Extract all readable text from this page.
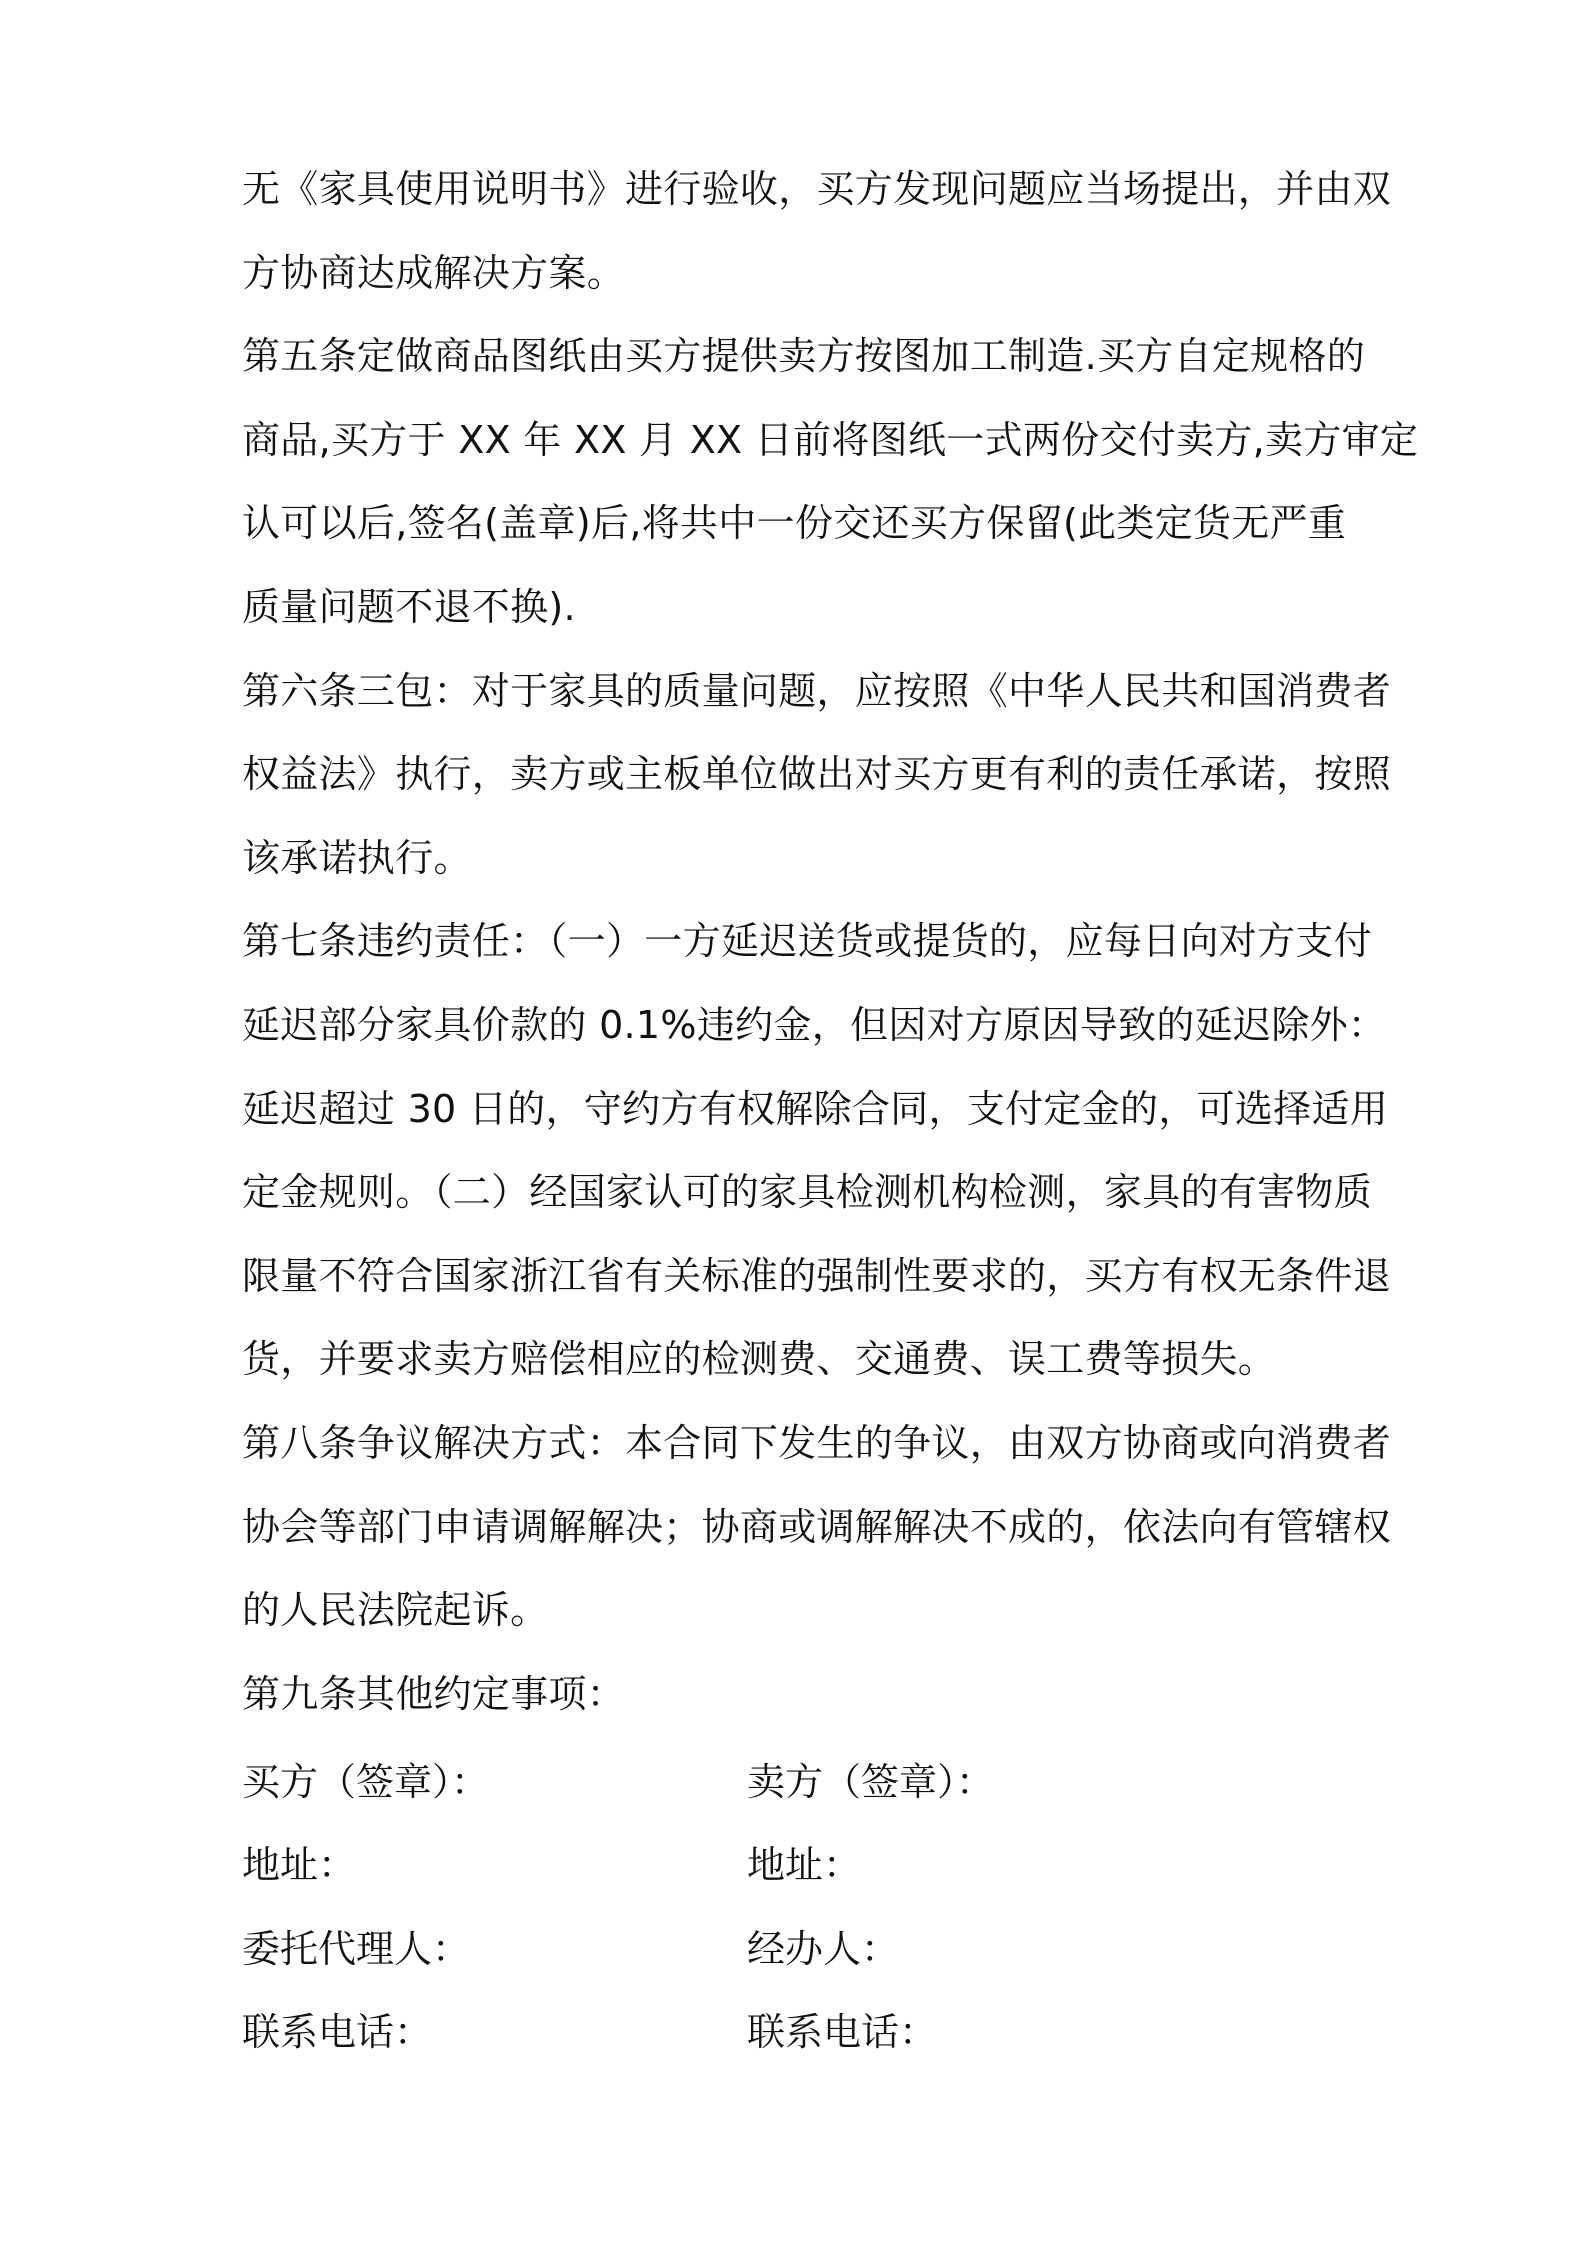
无《家具使用说明书》进行验收，买方发现问题应当场提出，并由双

方协商达成解决方案。

第五条定做商品图纸由买方提供卖方按图加工制造.买方自定规格的

商品,买方于 XX 年 XX 月 XX 日前将图纸一式两份交付卖方,卖方审定

认可以后,签名(盖章)后,将共中一份交还买方保留(此类定货无严重

质量问题不退不换).

第六条三包：对于家具的质量问题，应按照《中华人民共和国消费者

权益法》执行，卖方或主板单位做出对买方更有利的责任承诺，按照

该承诺执行。

第七条违约责任：（一）一方延迟送货或提货的，应每日向对方支付

延迟部分家具价款的 0.1%违约金，但因对方原因导致的延迟除外：

延迟超过 30 日的，守约方有权解除合同，支付定金的，可选择适用

定金规则。（二）经国家认可的家具检测机构检测，家具的有害物质

限量不符合国家浙江省有关标准的强制性要求的，买方有权无条件退

货，并要求卖方赔偿相应的检测费、交通费、误工费等损失。

第八条争议解决方式：本合同下发生的争议，由双方协商或向消费者

协会等部门申请调解解决；协商或调解解决不成的，依法向有管辖权

的人民法院起诉。

第九条其他约定事项：

买方（签章）：	卖方（签章）：
地址：	地址：
委托代理人：	经办人：
联系电话：	联系电话：
